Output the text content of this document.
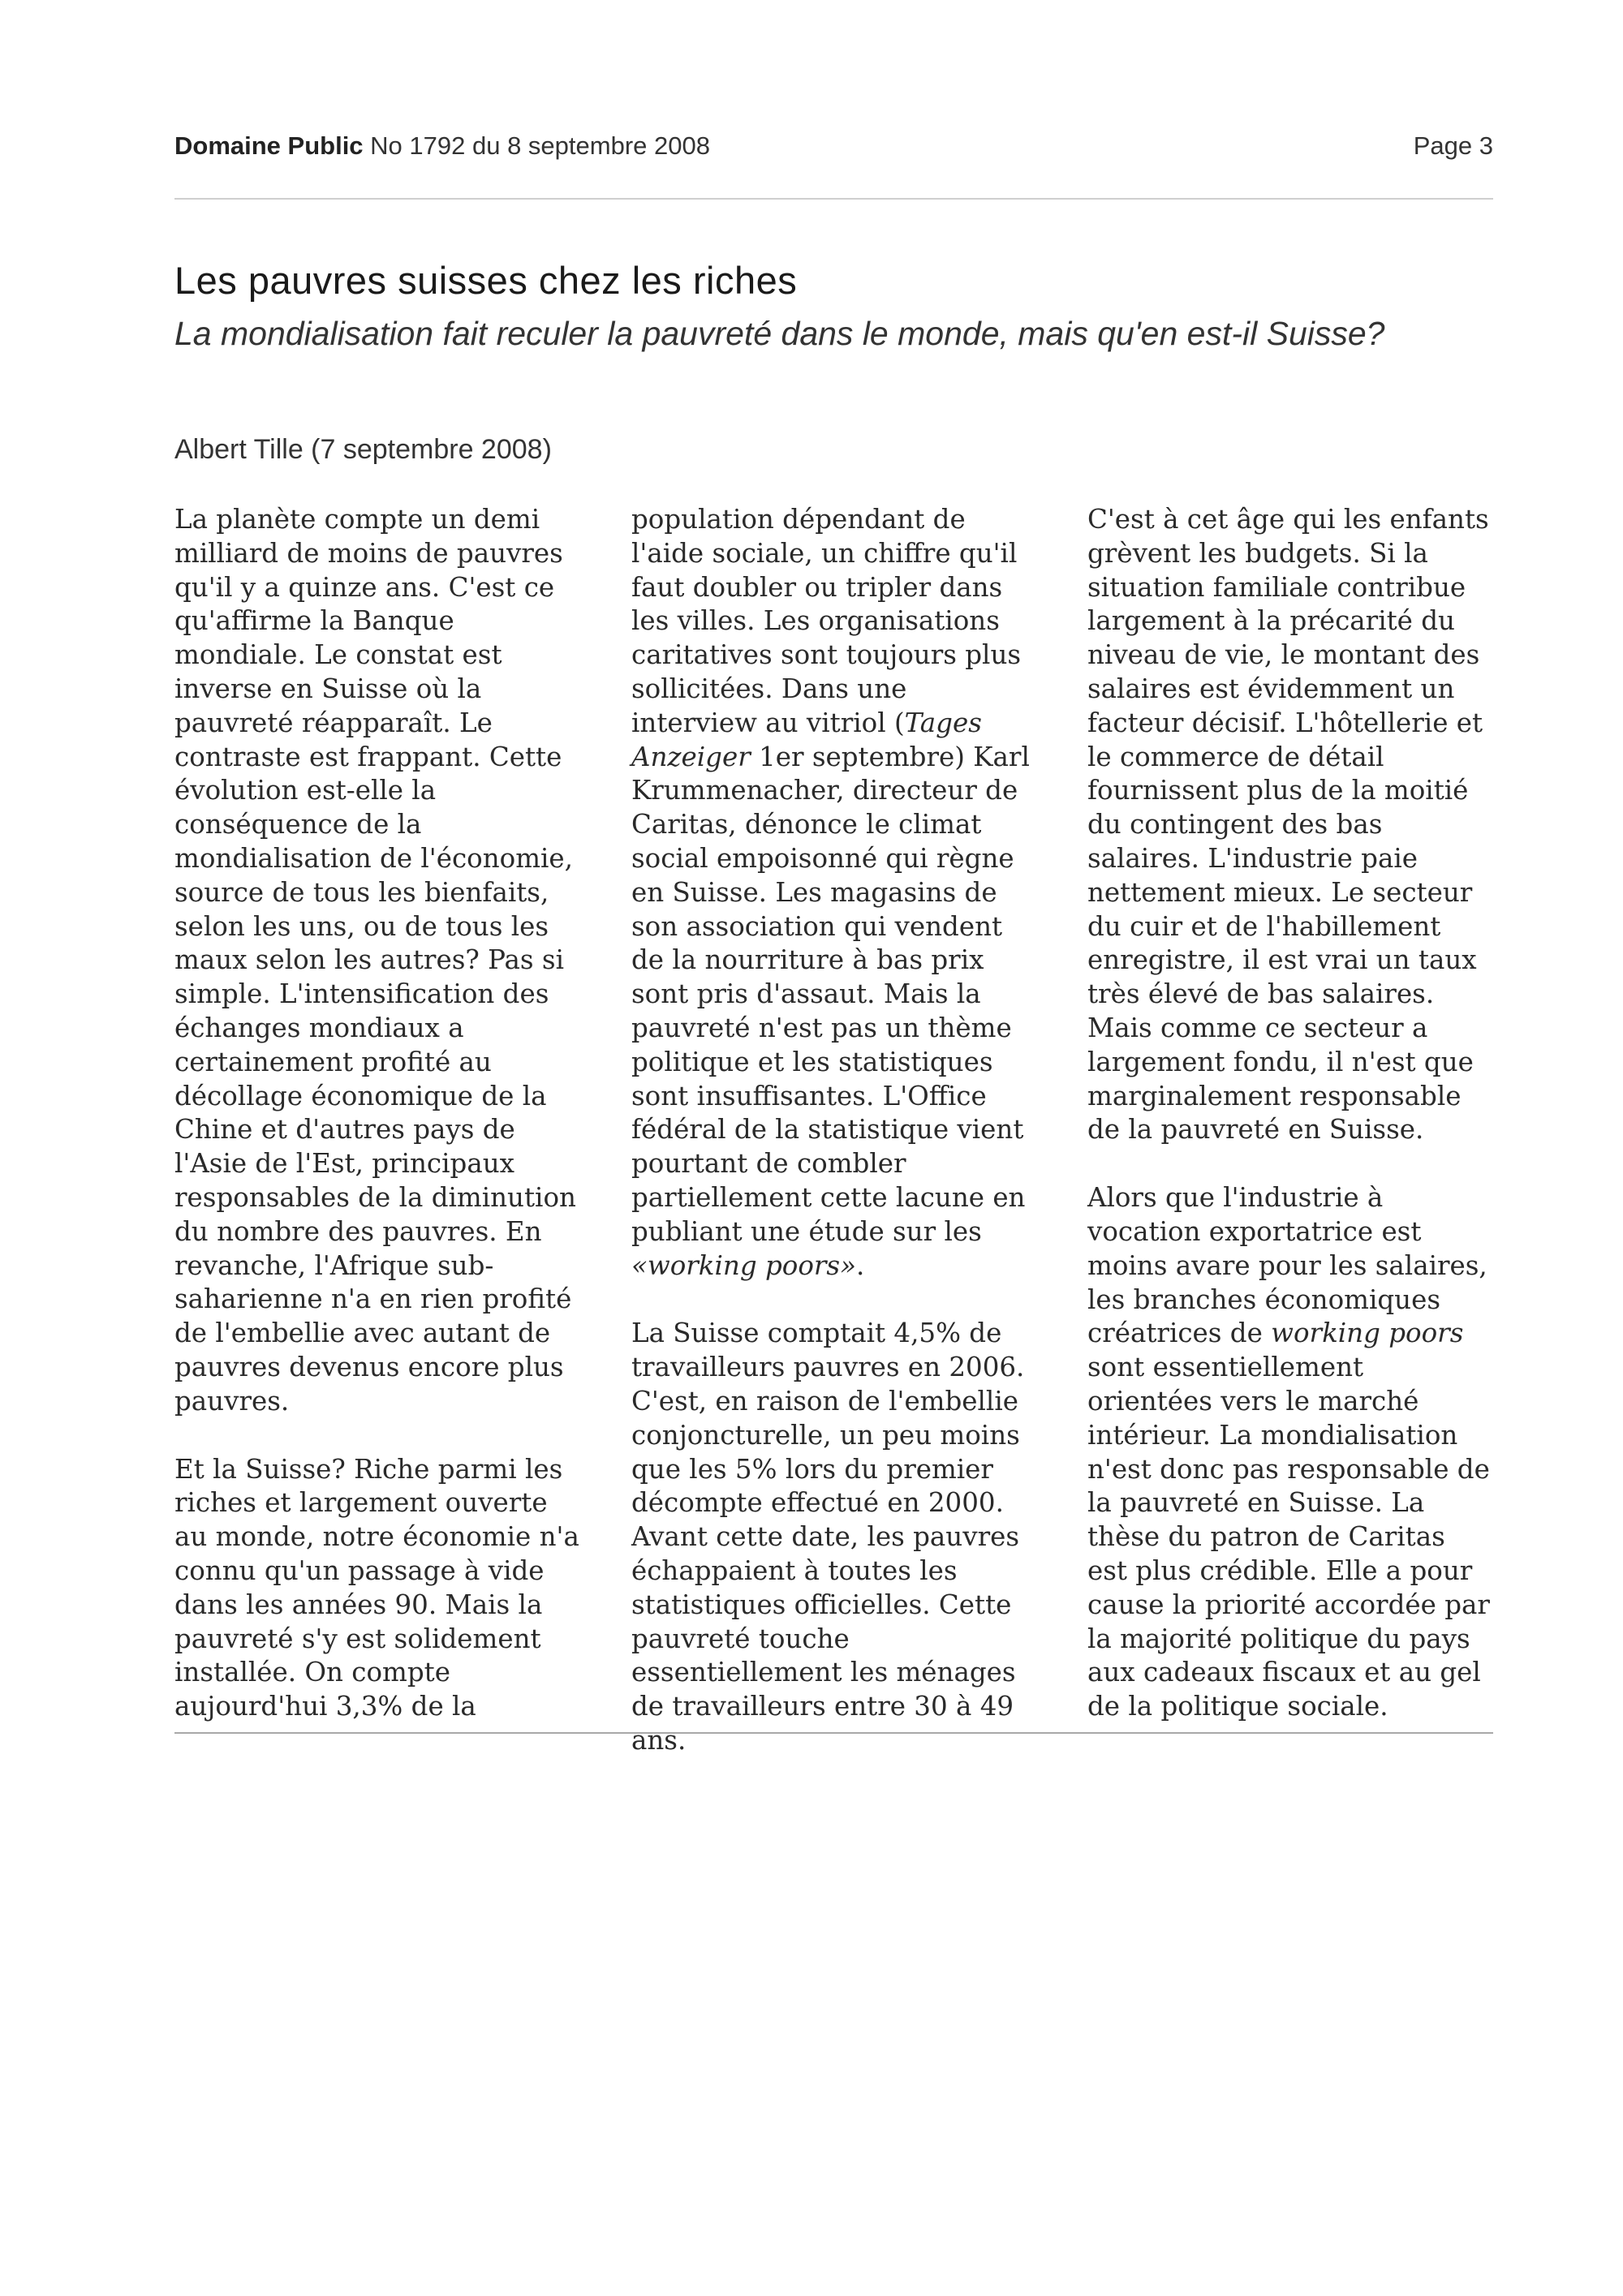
Domaine Public No 1792 du 8 septembre 2008	Page 3
Les pauvres suisses chez les riches

La mondialisation fait reculer la pauvreté dans le monde, mais qu'en est-il Suisse?

Albert Tille (7 septembre 2008)

La planète compte un demi milliard de moins de pauvres qu'il y a quinze ans. C'est ce qu'affirme la Banque mondiale. Le constat est inverse en Suisse où la pauvreté réapparaît. Le contraste est frappant. Cette évolution est-elle la conséquence de la mondialisation de l'économie, source de tous les bienfaits, selon les uns, ou de tous les maux selon les autres? Pas si simple. L'intensification des échanges mondiaux a certainement profité au décollage économique de la Chine et d'autres pays de l'Asie de l'Est, principaux responsables de la diminution du nombre des pauvres. En revanche, l'Afrique sub-saharienne n'a en rien profité de l'embellie avec autant de pauvres devenus encore plus pauvres.

Et la Suisse? Riche parmi les riches et largement ouverte au monde, notre économie n'a connu qu'un passage à vide dans les années 90. Mais la pauvreté s'y est solidement installée. On compte aujourd'hui 3,3% de la

population dépendant de l'aide sociale, un chiffre qu'il faut doubler ou tripler dans les villes. Les organisations caritatives sont toujours plus sollicitées. Dans une interview au vitriol (Tages Anzeiger 1er septembre) Karl Krummenacher, directeur de Caritas, dénonce le climat social empoisonné qui règne en Suisse. Les magasins de son association qui vendent de la nourriture à bas prix sont pris d'assaut. Mais la pauvreté n'est pas un thème politique et les statistiques sont insuffisantes. L'Office fédéral de la statistique vient pourtant de combler partiellement cette lacune en publiant une étude sur les «working poors».

La Suisse comptait 4,5% de travailleurs pauvres en 2006. C'est, en raison de l'embellie conjoncturelle, un peu moins que les 5% lors du premier décompte effectué en 2000. Avant cette date, les pauvres échappaient à toutes les statistiques officielles. Cette pauvreté touche essentiellement les ménages de travailleurs entre 30 à 49 ans.

C'est à cet âge qui les enfants grèvent les budgets. Si la situation familiale contribue largement à la précarité du niveau de vie, le montant des salaires est évidemment un facteur décisif. L'hôtellerie et le commerce de détail fournissent plus de la moitié du contingent des bas salaires. L'industrie paie nettement mieux. Le secteur du cuir et de l'habillement enregistre, il est vrai un taux très élevé de bas salaires. Mais comme ce secteur a largement fondu, il n'est que marginalement responsable de la pauvreté en Suisse.

Alors que l'industrie à vocation exportatrice est moins avare pour les salaires, les branches économiques créatrices de working poors sont essentiellement orientées vers le marché intérieur. La mondialisation n'est donc pas responsable de la pauvreté en Suisse. La thèse du patron de Caritas est plus crédible. Elle a pour cause la priorité accordée par la majorité politique du pays aux cadeaux fiscaux et au gel de la politique sociale.
